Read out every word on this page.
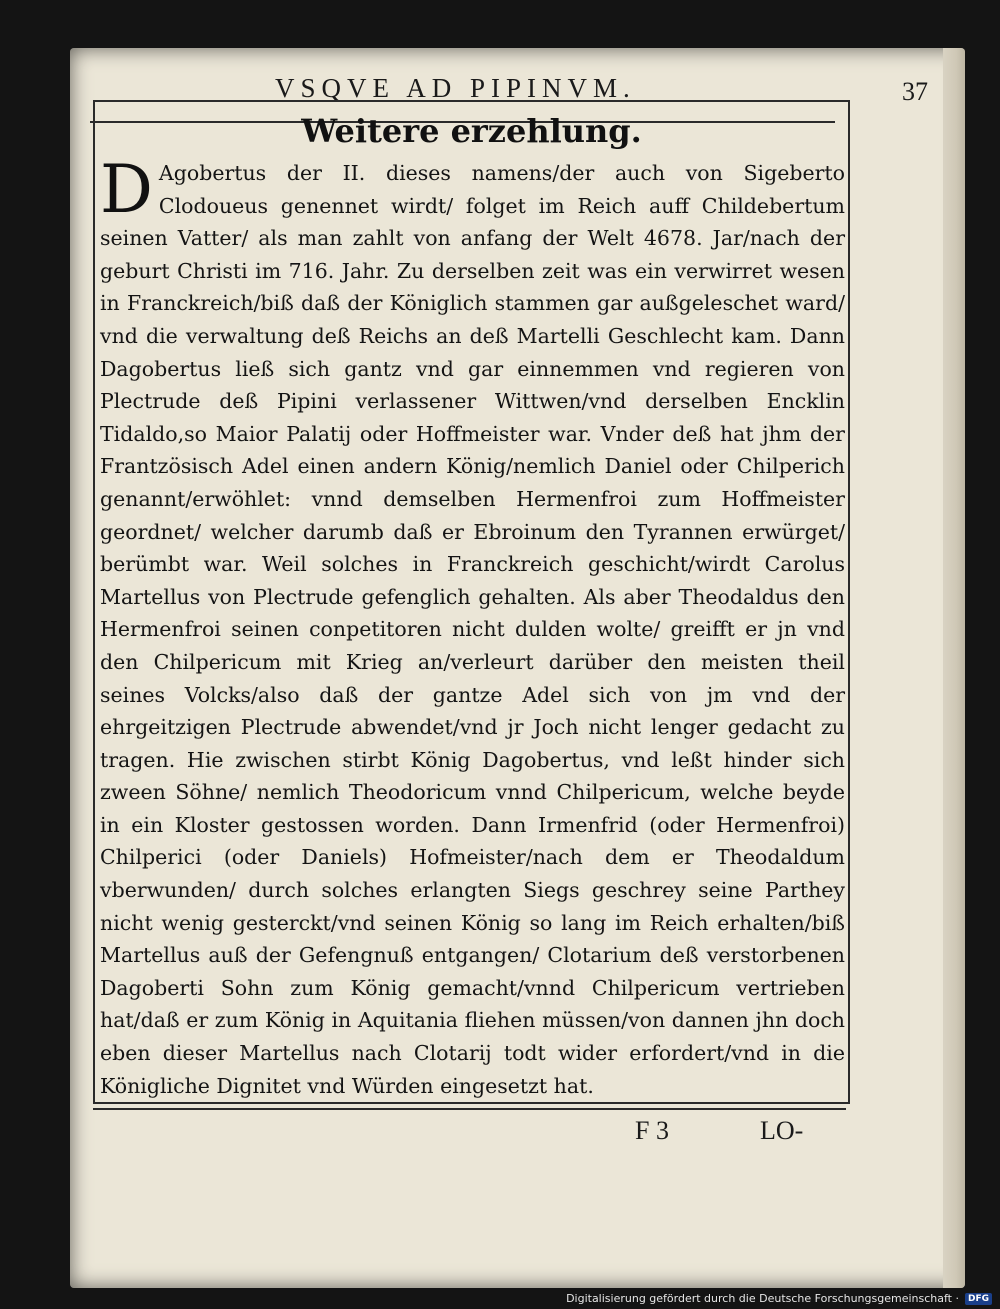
VSQVE AD PIPINVM.	37
Weitere erzehlung.
D Agobertus der II. dieses namens/der auch von Sigeberto Clodoueus genennet wirdt/ folget im Reich auff Childebertum seinen Vatter/ als man zahlt von anfang der Welt 4678. Jar/nach der geburt Christi im 716. Jahr. Zu derselben zeit was ein verwirret wesen in Franckreich/biß daß der Königlich stammen gar außgeleschet ward/ vnd die verwaltung deß Reichs an deß Martelli Geschlecht kam. Dann Dagobertus ließ sich gantz vnd gar einnemmen vnd regieren von Plectrude deß Pipini verlassener Wittwen/vnd derselben Encklin Tidaldo,so Maior Palatij oder Hoffmeister war. Vnder deß hat jhm der Frantzösisch Adel einen andern König/nemlich Daniel oder Chilperich genannt/erwöhlet: vnnd demselben Hermenfroi zum Hoffmeister geordnet/ welcher darumb daß er Ebroinum den Tyrannen erwürget/ berümbt war. Weil solches in Franckreich geschicht/wirdt Carolus Martellus von Plectrude gefenglich gehalten. Als aber Theodaldus den Hermenfroi seinen conpetitoren nicht dulden wolte/ greifft er jn vnd den Chilpericum mit Krieg an/verleurt darüber den meisten theil seines Volcks/also daß der gantze Adel sich von jm vnd der ehrgeitzigen Plectrude abwendet/vnd jr Joch nicht lenger gedacht zu tragen. Hie zwischen stirbt König Dagobertus, vnd leßt hinder sich zween Söhne/ nemlich Theodoricum vnnd Chilpericum, welche beyde in ein Kloster gestossen worden. Dann Irmenfrid (oder Hermenfroi) Chilperici (oder Daniels) Hofmeister/nach dem er Theodaldum vberwunden/ durch solches erlangten Siegs geschrey seine Parthey nicht wenig gesterckt/vnd seinen König so lang im Reich erhalten/biß Martellus auß der Gefengnuß entgangen/ Clotarium deß verstorbenen Dagoberti Sohn zum König gemacht/vnnd Chilpericum vertrieben hat/daß er zum König in Aquitania fliehen müssen/von dannen jhn doch eben dieser Martellus nach Clotarij todt wider erfordert/vnd in die Königliche Dignitet vnd Würden eingesetzt hat.
F 3	LO-
Digitalisierung gefördert durch die Deutsche Forschungsgemeinschaft ·	DFG
